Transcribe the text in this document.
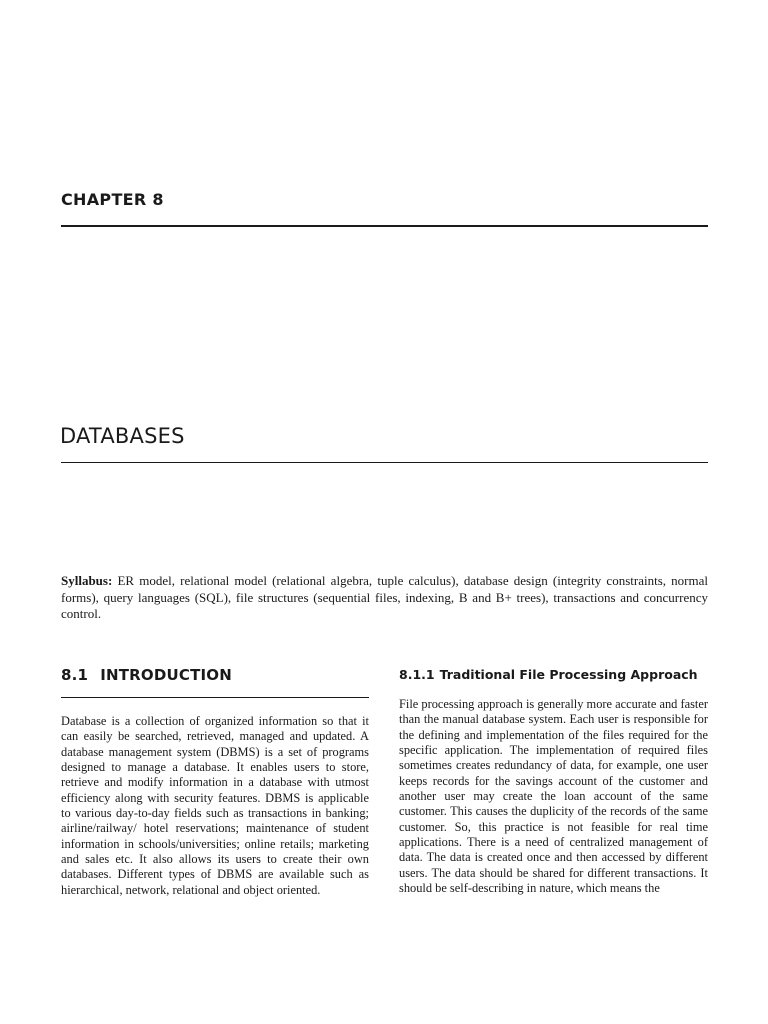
CHAPTER 8
DATABASES
Syllabus: ER model, relational model (relational algebra, tuple calculus), database design (integrity constraints, normal forms), query languages (SQL), file structures (sequential files, indexing, B and B+ trees), transactions and concurrency control.
8.1 INTRODUCTION

Database is a collection of organized information so that it can easily be searched, retrieved, managed and updated. A database management system (DBMS) is a set of programs designed to manage a database. It enables users to store, retrieve and modify information in a database with utmost efficiency along with security features. DBMS is applicable to various day-to-day fields such as transactions in banking; airline/railway/ hotel reservations; maintenance of student information in schools/universities; online retails; marketing and sales etc. It also allows its users to create their own databases. Different types of DBMS are available such as hierarchical, network, relational and object oriented.

8.1.1 Traditional File Processing Approach

File processing approach is generally more accurate and faster than the manual database system. Each user is responsible for the defining and implementation of the files required for the specific application. The implementation of required files sometimes creates redundancy of data, for example, one user keeps records for the savings account of the customer and another user may create the loan account of the same customer. This causes the duplicity of the records of the same customer. So, this practice is not feasible for real time applications. There is a need of centralized management of data. The data is created once and then accessed by different users. The data should be shared for different transactions. It should be self-describing in nature, which means the
